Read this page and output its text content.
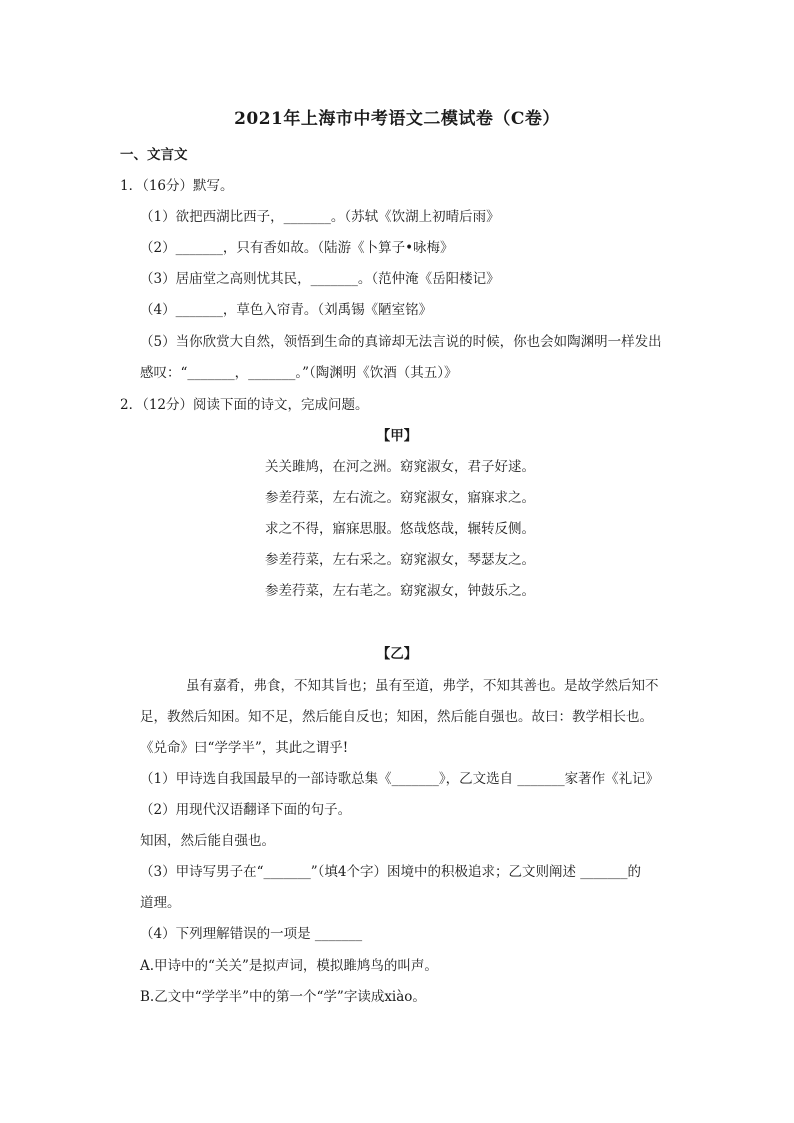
2021年上海市中考语文二模试卷（C卷）
一、文言文
1．（16分）默写。
（1）欲把西湖比西子，_______。（苏轼《饮湖上初晴后雨》
（2）_______，只有香如故。（陆游《卜算子•咏梅》
（3）居庙堂之高则忧其民，_______。（范仲淹《岳阳楼记》
（4）_______，草色入帘青。（刘禹锡《陋室铭》
（5）当你欣赏大自然，领悟到生命的真谛却无法言说的时候，你也会如陶渊明一样发出
感叹：“_______，_______。”（陶渊明《饮酒（其五）》
2．（12分）阅读下面的诗文，完成问题。
【甲】
关关雎鸠，在河之洲。窈窕淑女，君子好逑。
参差荇菜，左右流之。窈窕淑女，寤寐求之。
求之不得，寤寐思服。悠哉悠哉，辗转反侧。
参差荇菜，左右采之。窈窕淑女，琴瑟友之。
参差荇菜，左右芼之。窈窕淑女，钟鼓乐之。
【乙】
虽有嘉肴，弗食，不知其旨也；虽有至道，弗学，不知其善也。是故学然后知不
足，教然后知困。知不足，然后能自反也；知困，然后能自强也。故曰：教学相长也。
《兑命》曰“学学半”，其此之谓乎!
（1）甲诗选自我国最早的一部诗歌总集《_______》，乙文选自 _______家著作《礼记》
（2）用现代汉语翻译下面的句子。
知困，然后能自强也。
（3）甲诗写男子在“_______”（填4个字）困境中的积极追求；乙文则阐述 _______的
道理。
（4）下列理解错误的一项是 _______
A.甲诗中的“关关”是拟声词，模拟雎鸠鸟的叫声。
B.乙文中“学学半”中的第一个“学”字读成xiào。
